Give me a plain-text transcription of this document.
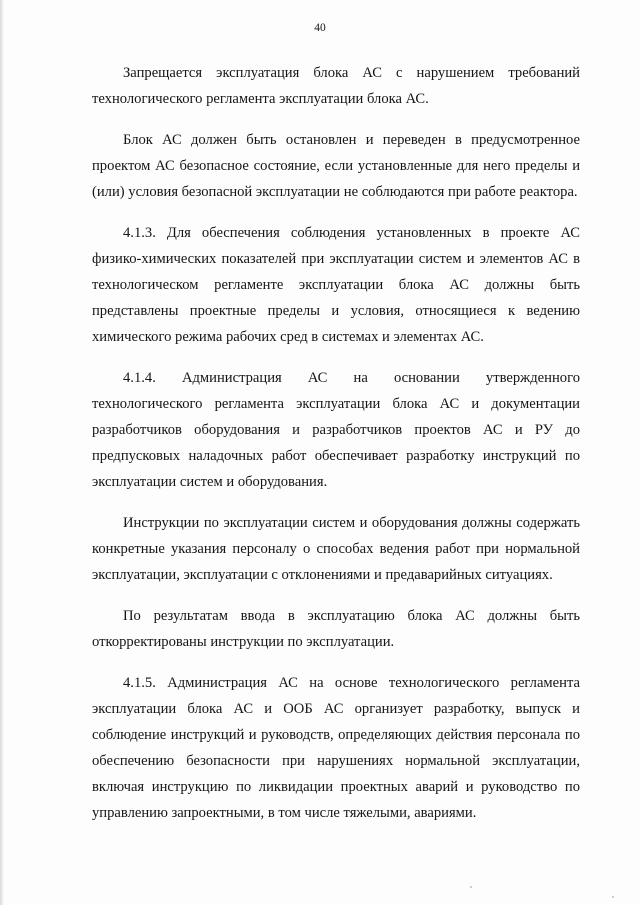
40

Запрещается эксплуатация блока АС с нарушением требований технологического регламента эксплуатации блока АС.

Блок АС должен быть остановлен и переведен в предусмотренное проектом АС безопасное состояние, если установленные для него пределы и (или) условия безопасной эксплуатации не соблюдаются при работе реактора.

4.1.3. Для обеспечения соблюдения установленных в проекте АС физико-химических показателей при эксплуатации систем и элементов АС в технологическом регламенте эксплуатации блока АС должны быть представлены проектные пределы и условия, относящиеся к ведению химического режима рабочих сред в системах и элементах АС.

4.1.4. Администрация АС на основании утвержденного технологического регламента эксплуатации блока АС и документации разработчиков оборудования и разработчиков проектов АС и РУ до предпусковых наладочных работ обеспечивает разработку инструкций по эксплуатации систем и оборудования.

Инструкции по эксплуатации систем и оборудования должны содержать конкретные указания персоналу о способах ведения работ при нормальной эксплуатации, эксплуатации с отклонениями и предаварийных ситуациях.

По результатам ввода в эксплуатацию блока АС должны быть откорректированы инструкции по эксплуатации.

4.1.5. Администрация АС на основе технологического регламента эксплуатации блока АС и ООБ АС организует разработку, выпуск и соблюдение инструкций и руководств, определяющих действия персонала по обеспечению безопасности при нарушениях нормальной эксплуатации, включая инструкцию по ликвидации проектных аварий и руководство по управлению запроектными, в том числе тяжелыми, авариями.
